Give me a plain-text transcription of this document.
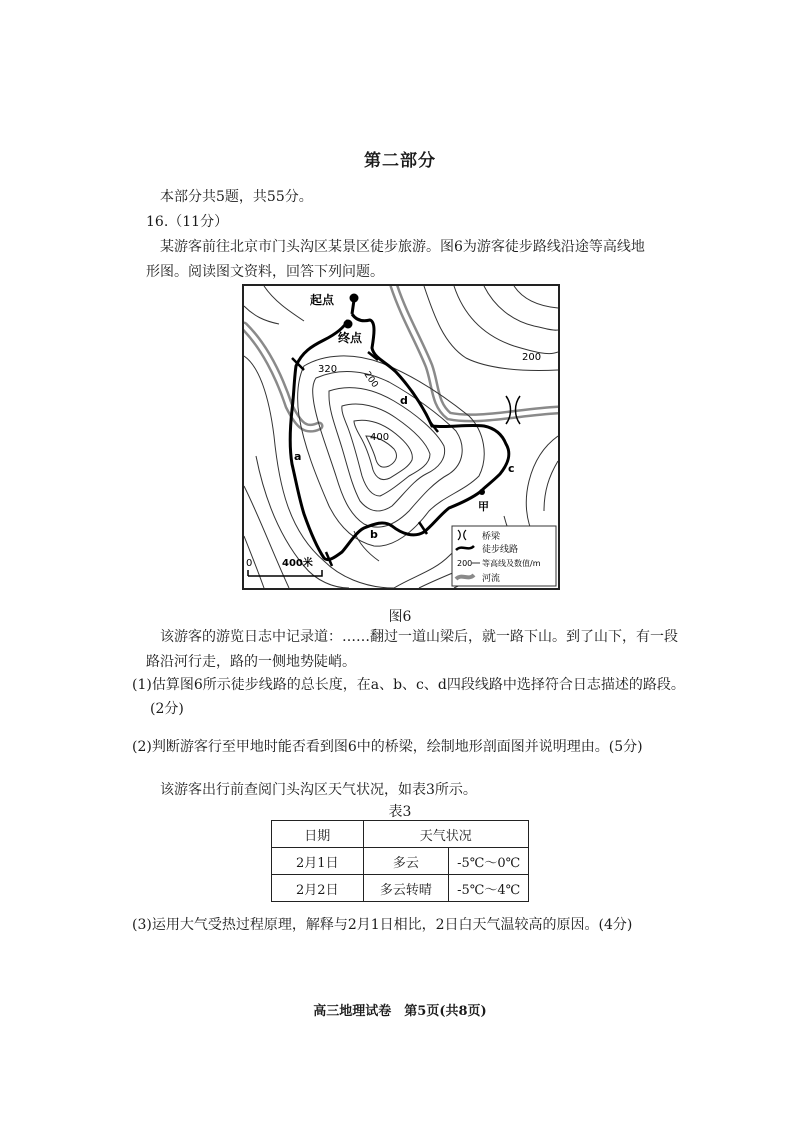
第二部分
本部分共5题，共55分。
16.（11分）
某游客前往北京市门头沟区某景区徒步旅游。图6为游客徒步路线沿途等高线地
形图。阅读图文资料，回答下列问题。
起点
终点
200
200
320
400
a
b
c
d
甲
0	400米
桥梁
徒步线路
200 等高线及数值/m
河流
图6
该游客的游览日志中记录道：……翻过一道山梁后，就一路下山。到了山下，有一段
路沿河行走，路的一侧地势陡峭。
(1)估算图6所示徒步线路的总长度，在a、b、c、d四段线路中选择符合日志描述的路段。
(2分)
(2)判断游客行至甲地时能否看到图6中的桥梁，绘制地形剖面图并说明理由。(5分)
该游客出行前查阅门头沟区天气状况，如表3所示。
表3
日期	天气状况	
2月1日	多云	-5℃～0℃
2月2日	多云转晴	-5℃～4℃
(3)运用大气受热过程原理，解释与2月1日相比，2日白天气温较高的原因。(4分)
高三地理试卷　第5页(共8页)
